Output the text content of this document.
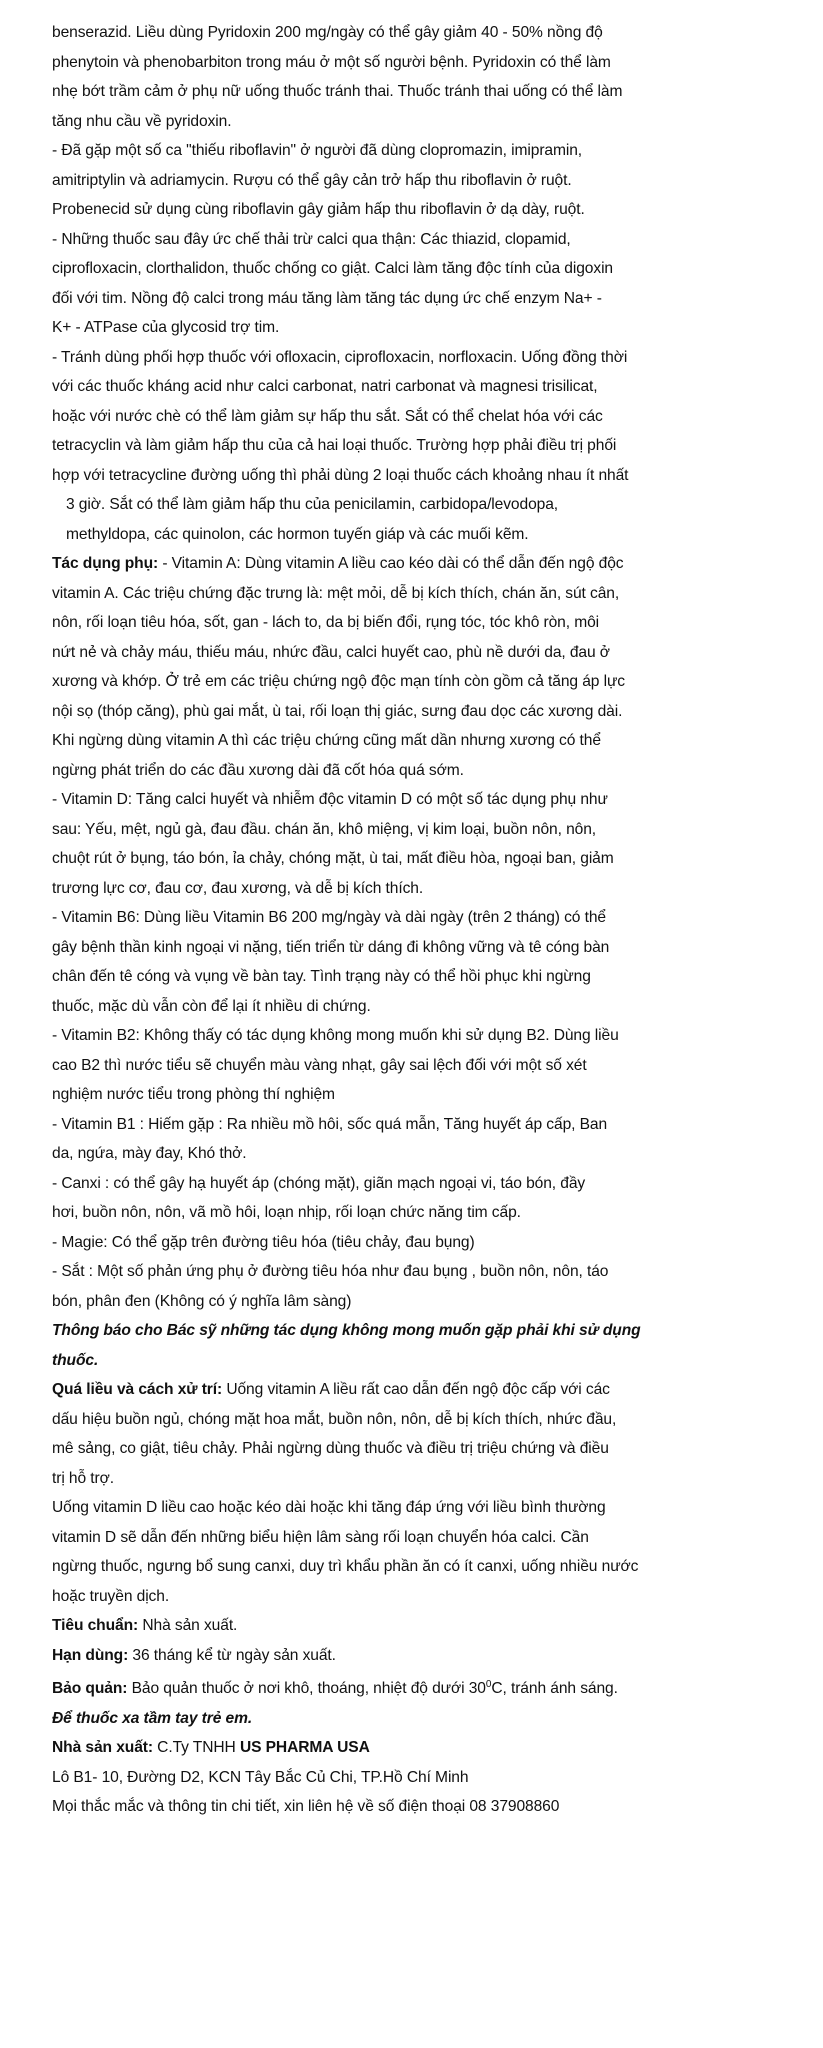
benserazid. Liều dùng Pyridoxin 200 mg/ngày có thể gây giảm 40 - 50% nồng độ
phenytoin và phenobarbiton trong máu ở một số người bệnh. Pyridoxin có thể làm
nhẹ bớt trầm cảm ở phụ nữ uống thuốc tránh thai. Thuốc tránh thai uống có thể làm
tăng nhu cầu về pyridoxin.
- Đã gặp một số ca "thiếu riboflavin" ở người đã dùng clopromazin, imipramin,
amitriptylin và adriamycin. Rượu có thể gây cản trở hấp thu riboflavin ở ruột.
Probenecid sử dụng cùng riboflavin gây giảm hấp thu riboflavin ở dạ dày, ruột.
- Những thuốc sau đây ức chế thải trừ calci qua thận: Các thiazid, clopamid,
ciprofloxacin, clorthalidon, thuốc chống co giật. Calci làm tăng độc tính của digoxin
đối với tim. Nồng độ calci trong máu tăng làm tăng tác dụng ức chế enzym Na+ -
K+ - ATPase của glycosid trợ tim.
- Tránh dùng phối hợp thuốc với ofloxacin, ciprofloxacin, norfloxacin. Uống đồng thời
với các thuốc kháng acid như calci carbonat, natri carbonat và magnesi trisilicat,
hoặc với nước chè có thể làm giảm sự hấp thu sắt. Sắt có thể chelat hóa với các
tetracyclin và làm giảm hấp thu của cả hai loại thuốc. Trường hợp phải điều trị phối
hợp với tetracycline đường uống thì phải dùng 2 loại thuốc cách khoảng nhau ít nhất
3 giờ. Sắt có thể làm giảm hấp thu của penicilamin, carbidopa/levodopa,
methyldopa, các quinolon, các hormon tuyến giáp và các muối kẽm.
Tác dụng phụ: - Vitamin A: Dùng vitamin A liều cao kéo dài có thể dẫn đến ngộ độc
vitamin A. Các triệu chứng đặc trưng là: mệt mỏi, dễ bị kích thích, chán ăn, sút cân,
nôn, rối loạn tiêu hóa, sốt, gan - lách to, da bị biến đổi, rụng tóc, tóc khô ròn, môi
nứt nẻ và chảy máu, thiếu máu, nhức đầu, calci huyết cao, phù nề dưới da, đau ở
xương và khớp. Ở trẻ em các triệu chứng ngộ độc mạn tính còn gồm cả tăng áp lực
nội sọ (thóp căng), phù gai mắt, ù tai, rối loạn thị giác, sưng đau dọc các xương dài.
Khi ngừng dùng vitamin A thì các triệu chứng cũng mất dần nhưng xương có thể
ngừng phát triển do các đầu xương dài đã cốt hóa quá sớm.
- Vitamin D: Tăng calci huyết và nhiễm độc vitamin D có một số tác dụng phụ như
sau: Yếu, mệt, ngủ gà, đau đầu. chán ăn, khô miệng, vị kim loại, buồn nôn, nôn,
chuột rút ở bụng, táo bón, ỉa chảy, chóng mặt, ù tai, mất điều hòa, ngoại ban, giảm
trương lực cơ, đau cơ, đau xương, và dễ bị kích thích.
- Vitamin B6: Dùng liều Vitamin B6 200 mg/ngày và dài ngày (trên 2 tháng) có thể
gây bệnh thần kinh ngoại vi nặng, tiến triển từ dáng đi không vững và tê cóng bàn
chân đến tê cóng và vụng về bàn tay. Tình trạng này có thể hồi phục khi ngừng
thuốc, mặc dù vẫn còn để lại ít nhiều di chứng.
- Vitamin B2: Không thấy có tác dụng không mong muốn khi sử dụng B2. Dùng liều
cao B2 thì nước tiểu sẽ chuyển màu vàng nhạt, gây sai lệch đối với một số xét
nghiệm nước tiểu trong phòng thí nghiệm
- Vitamin B1 : Hiếm gặp : Ra nhiều mồ hôi, sốc quá mẫn, Tăng huyết áp cấp, Ban
da, ngứa, mày đay, Khó thở.
- Canxi : có thể gây hạ huyết áp (chóng mặt), giãn mạch ngoại vi, táo bón, đầy
hơi, buồn nôn, nôn, vã mồ hôi, loạn nhịp, rối loạn chức năng tim cấp.
- Magie: Có thể gặp trên đường tiêu hóa (tiêu chảy, đau bụng)
- Sắt : Một số phản ứng phụ ở đường tiêu hóa như đau bụng , buồn nôn, nôn, táo
bón, phân đen (Không có ý nghĩa lâm sàng)
Thông báo cho Bác sỹ những tác dụng không mong muốn gặp phải khi sử dụng
thuốc.
Quá liều và cách xử trí: Uống vitamin A liều rất cao dẫn đến ngộ độc cấp với các
dấu hiệu buồn ngủ, chóng mặt hoa mắt, buồn nôn, nôn, dễ bị kích thích, nhức đầu,
mê sảng, co giật, tiêu chảy. Phải ngừng dùng thuốc và điều trị triệu chứng và điều
trị hỗ trợ.
Uống vitamin D liều cao hoặc kéo dài hoặc khi tăng đáp ứng với liều bình thường
vitamin D sẽ dẫn đến những biểu hiện lâm sàng rối loạn chuyển hóa calci. Cần
ngừng thuốc, ngưng bổ sung canxi, duy trì khẩu phần ăn có ít canxi, uống nhiều nước
hoặc truyền dịch.
Tiêu chuẩn: Nhà sản xuất.
Hạn dùng: 36 tháng kể từ ngày sản xuất.
Bảo quản: Bảo quản thuốc ở nơi khô, thoáng, nhiệt độ dưới $30^0C$, tránh ánh sáng.
Để thuốc xa tầm tay trẻ em.
Nhà sản xuất: C.Ty TNHH US PHARMA USA
Lô B1- 10, Đường D2, KCN Tây Bắc Củ Chi, TP.Hồ Chí Minh
Mọi thắc mắc và thông tin chi tiết, xin liên hệ về số điện thoại 08 37908860
